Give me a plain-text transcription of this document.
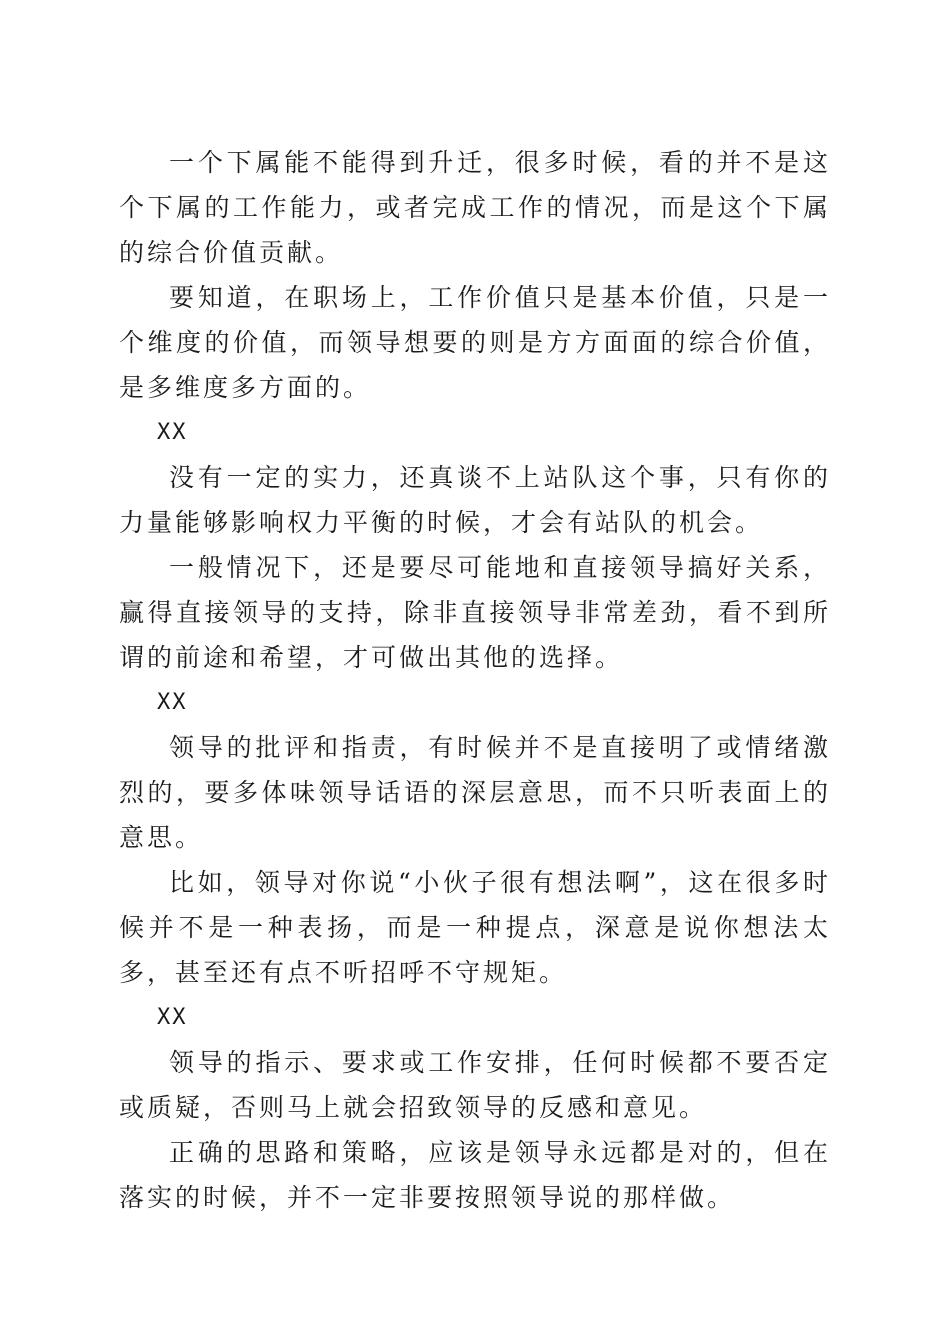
一个下属能不能得到升迁，很多时候，看的并不是这个下属的工作能力，或者完成工作的情况，而是这个下属的综合价值贡献。

要知道，在职场上，工作价值只是基本价值，只是一个维度的价值，而领导想要的则是方方面面的综合价值，是多维度多方面的。

XX

没有一定的实力，还真谈不上站队这个事，只有你的力量能够影响权力平衡的时候，才会有站队的机会。

一般情况下，还是要尽可能地和直接领导搞好关系，赢得直接领导的支持，除非直接领导非常差劲，看不到所谓的前途和希望，才可做出其他的选择。

XX

领导的批评和指责，有时候并不是直接明了或情绪激烈的，要多体味领导话语的深层意思，而不只听表面上的意思。

比如，领导对你说“小伙子很有想法啊”，这在很多时候并不是一种表扬，而是一种提点，深意是说你想法太多，甚至还有点不听招呼不守规矩。

XX

领导的指示、要求或工作安排，任何时候都不要否定或质疑，否则马上就会招致领导的反感和意见。

正确的思路和策略，应该是领导永远都是对的，但在落实的时候，并不一定非要按照领导说的那样做。
